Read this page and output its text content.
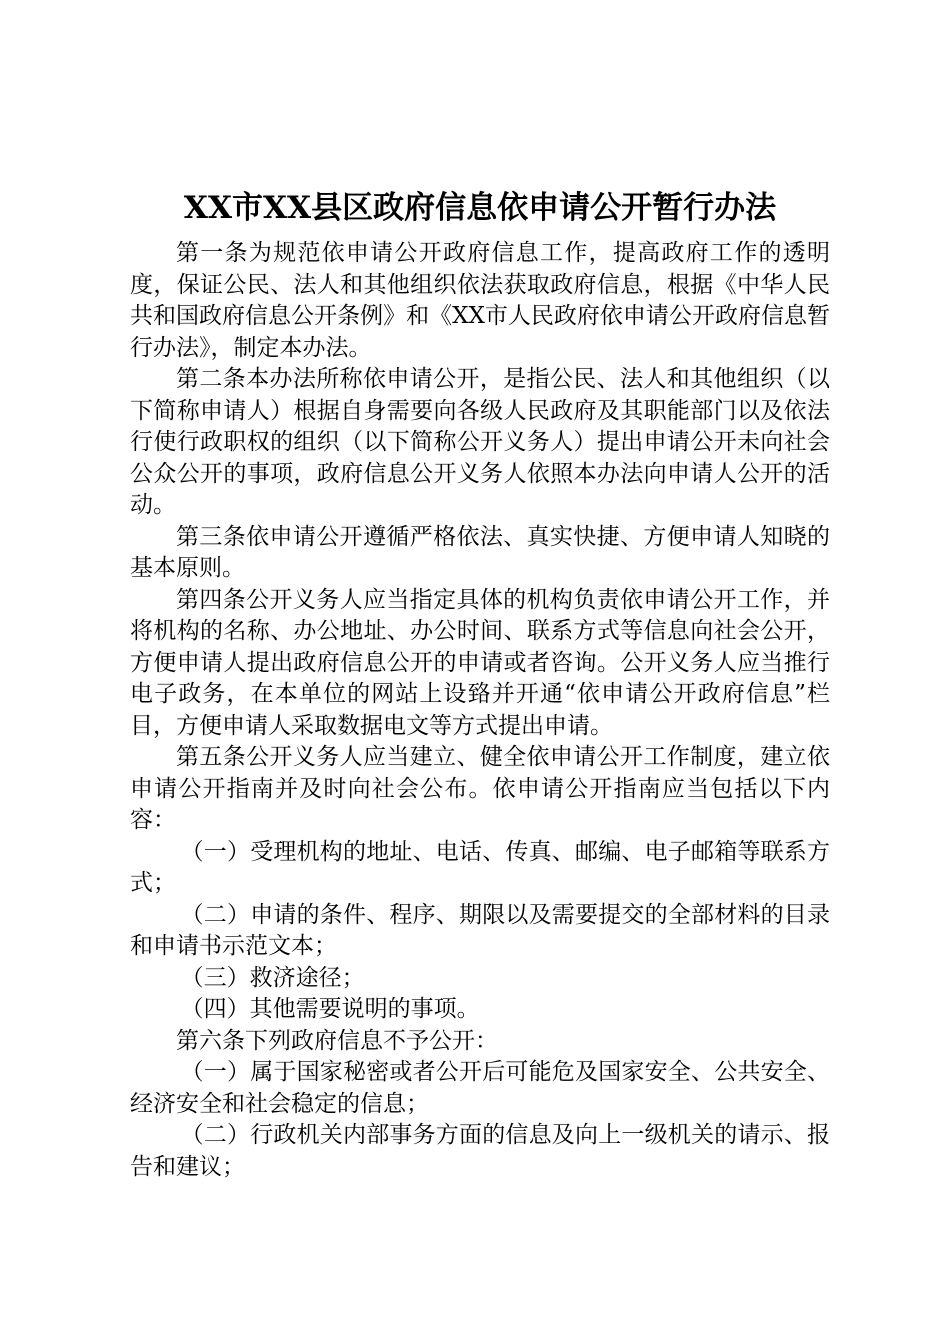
XX市XX县区政府信息依申请公开暂行办法

第一条为规范依申请公开政府信息工作，提高政府工作的透明度，保证公民、法人和其他组织依法获取政府信息，根据《中华人民共和国政府信息公开条例》和《XX市人民政府依申请公开政府信息暂行办法》，制定本办法。

第二条本办法所称依申请公开，是指公民、法人和其他组织（以下简称申请人）根据自身需要向各级人民政府及其职能部门以及依法行使行政职权的组织（以下简称公开义务人）提出申请公开未向社会公众公开的事项，政府信息公开义务人依照本办法向申请人公开的活动。

第三条依申请公开遵循严格依法、真实快捷、方便申请人知晓的基本原则。

第四条公开义务人应当指定具体的机构负责依申请公开工作，并将机构的名称、办公地址、办公时间、联系方式等信息向社会公开，方便申请人提出政府信息公开的申请或者咨询。公开义务人应当推行电子政务，在本单位的网站上设臵并开通“依申请公开政府信息”栏目，方便申请人采取数据电文等方式提出申请。

第五条公开义务人应当建立、健全依申请公开工作制度，建立依申请公开指南并及时向社会公布。依申请公开指南应当包括以下内容：

（一）受理机构的地址、电话、传真、邮编、电子邮箱等联系方式；

（二）申请的条件、程序、期限以及需要提交的全部材料的目录和申请书示范文本；

（三）救济途径；

（四）其他需要说明的事项。

第六条下列政府信息不予公开：

（一）属于国家秘密或者公开后可能危及国家安全、公共安全、经济安全和社会稳定的信息；

（二）行政机关内部事务方面的信息及向上一级机关的请示、报告和建议；
